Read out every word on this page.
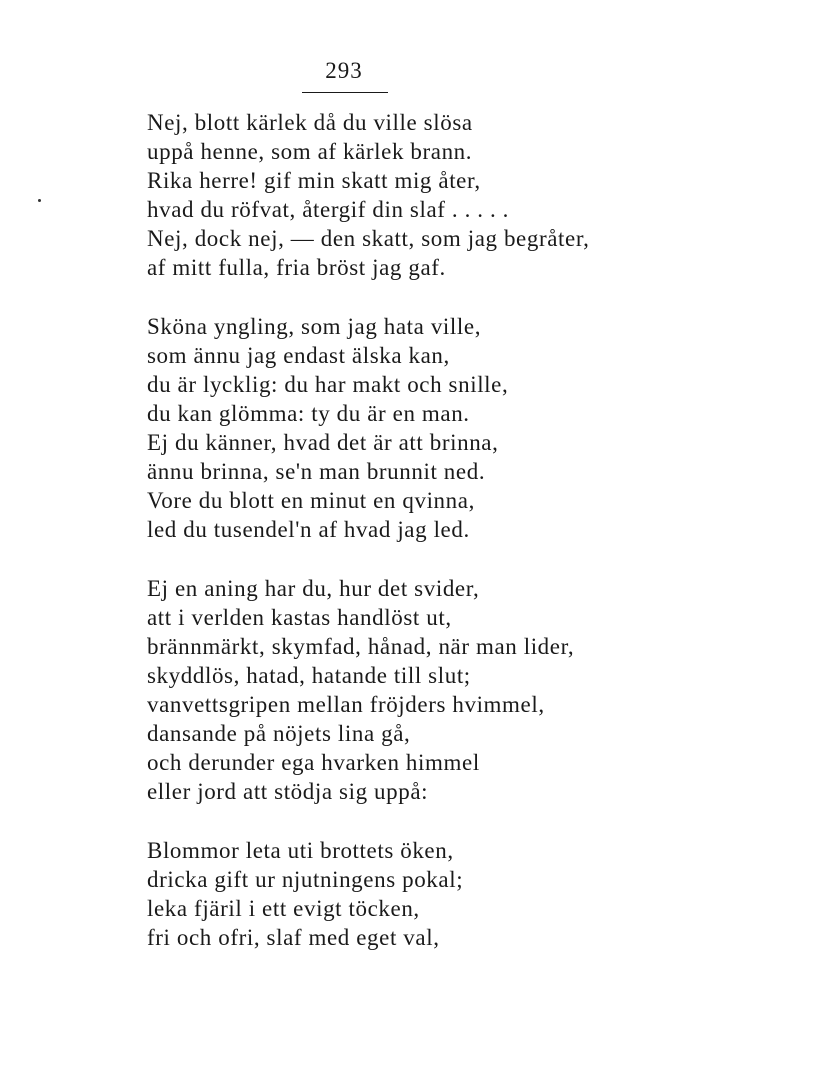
293
Nej, blott kärlek då du ville slösa
uppå henne, som af kärlek brann.
Rika herre! gif min skatt mig åter,
hvad du röfvat, återgif din slaf . . . . .
Nej, dock nej, — den skatt, som jag begråter,
af mitt fulla, fria bröst jag gaf.
Sköna yngling, som jag hata ville,
som ännu jag endast älska kan,
du är lycklig: du har makt och snille,
du kan glömma: ty du är en man.
Ej du känner, hvad det är att brinna,
ännu brinna, se'n man brunnit ned.
Vore du blott en minut en qvinna,
led du tusendel'n af hvad jag led.
Ej en aning har du, hur det svider,
att i verlden kastas handlöst ut,
brännmärkt, skymfad, hånad, när man lider,
skyddlös, hatad, hatande till slut;
vanvettsgripen mellan fröjders hvimmel,
dansande på nöjets lina gå,
och derunder ega hvarken himmel
eller jord att stödja sig uppå:
Blommor leta uti brottets öken,
dricka gift ur njutningens pokal;
leka fjäril i ett evigt töcken,
fri och ofri, slaf med eget val,
